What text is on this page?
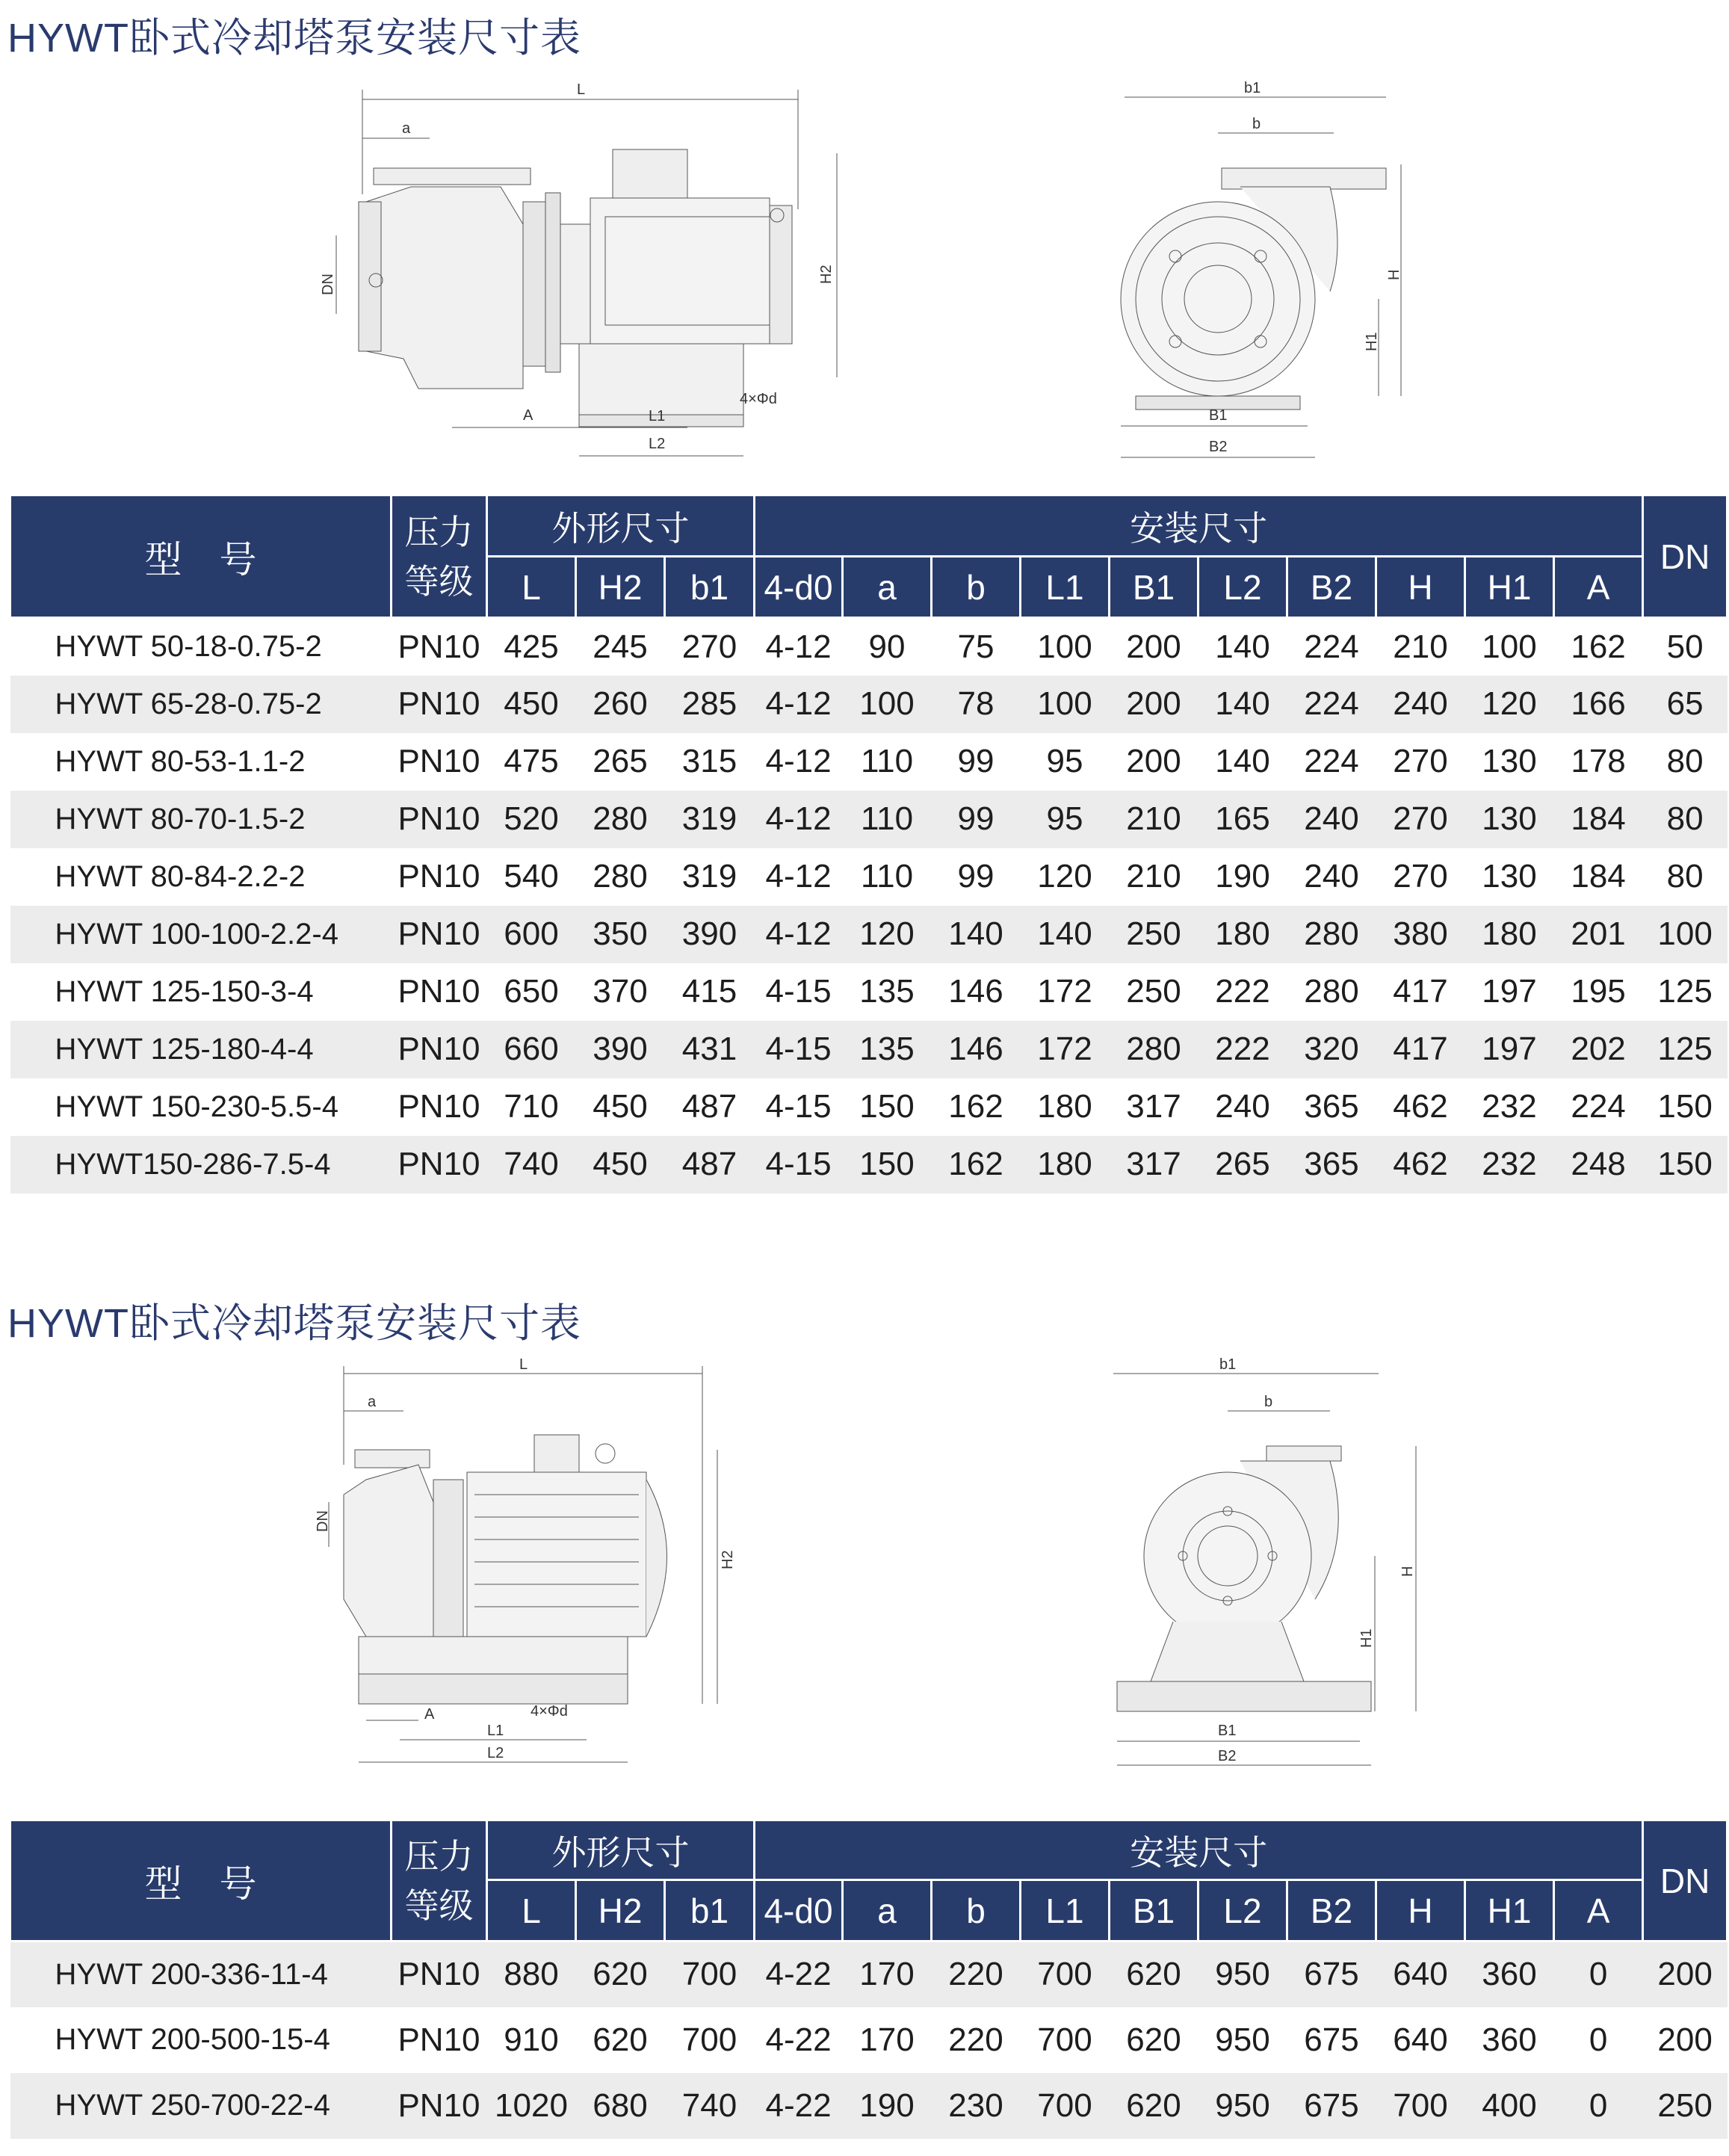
HYWT卧式冷却塔泵安装尺寸表
L
a
DN	H2
A	L1
4×Φd
L2
b1
b
H
H1
B1
B2
型　号	压力等级	外形尺寸			安装尺寸										DN
		L	H2	b1	4-d0	a	b	L1	B1	L2	B2	H	H1	A	
HYWT 50-18-0.75-2	PN10	425	245	270	4-12	90	75	100	200	140	224	210	100	162	50
HYWT 65-28-0.75-2	PN10	450	260	285	4-12	100	78	100	200	140	224	240	120	166	65
HYWT 80-53-1.1-2	PN10	475	265	315	4-12	110	99	95	200	140	224	270	130	178	80
HYWT 80-70-1.5-2	PN10	520	280	319	4-12	110	99	95	210	165	240	270	130	184	80
HYWT 80-84-2.2-2	PN10	540	280	319	4-12	110	99	120	210	190	240	270	130	184	80
HYWT 100-100-2.2-4	PN10	600	350	390	4-12	120	140	140	250	180	280	380	180	201	100
HYWT 125-150-3-4	PN10	650	370	415	4-15	135	146	172	250	222	280	417	197	195	125
HYWT 125-180-4-4	PN10	660	390	431	4-15	135	146	172	280	222	320	417	197	202	125
HYWT 150-230-5.5-4	PN10	710	450	487	4-15	150	162	180	317	240	365	462	232	224	150
HYWT150-286-7.5-4	PN10	740	450	487	4-15	150	162	180	317	265	365	462	232	248	150
HYWT卧式冷却塔泵安装尺寸表
L
a
DN
H2
A	4×Φd
L1
L2
b1
b
H
H1
B1
B2
型　号	压力等级	外形尺寸			安装尺寸										DN
		L	H2	b1	4-d0	a	b	L1	B1	L2	B2	H	H1	A	
HYWT 200-336-11-4	PN10	880	620	700	4-22	170	220	700	620	950	675	640	360	0	200
HYWT 200-500-15-4	PN10	910	620	700	4-22	170	220	700	620	950	675	640	360	0	200
HYWT 250-700-22-4	PN10	1020	680	740	4-22	190	230	700	620	950	675	700	400	0	250
